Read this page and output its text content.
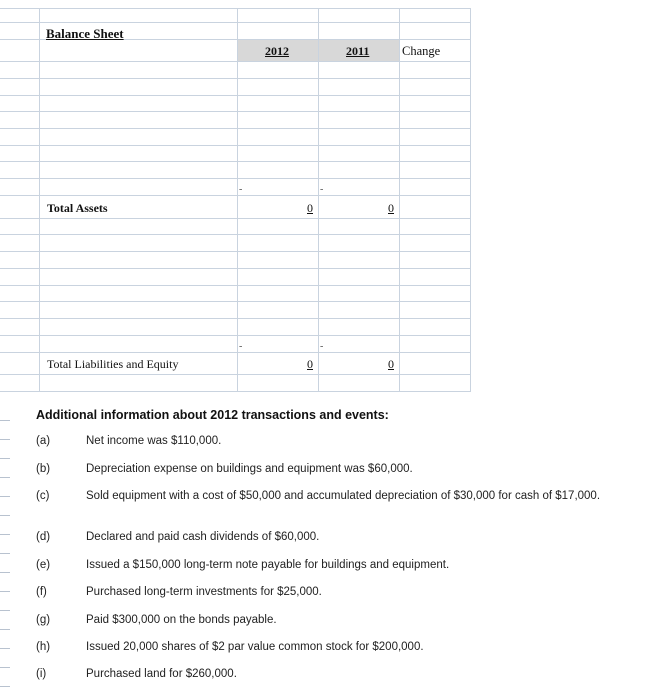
Balance Sheet
2012	2011	Change
-	-
Total Assets	0	0
-	-
Total Liabilities and Equity	0	0
Additional information about 2012 transactions and events:
(a)	Net income was $110,000.
(b)	Depreciation expense on buildings and equipment was $60,000.
(c)	Sold equipment with a cost of $50,000 and accumulated depreciation of $30,000 for cash of $17,000.
(d)	Declared and paid cash dividends of $60,000.
(e)	Issued a $150,000 long-term note payable for buildings and equipment.
(f)	Purchased long-term investments for $25,000.
(g)	Paid $300,000 on the bonds payable.
(h)	Issued 20,000 shares of $2 par value common stock for $200,000.
(i)	Purchased land for $260,000.
